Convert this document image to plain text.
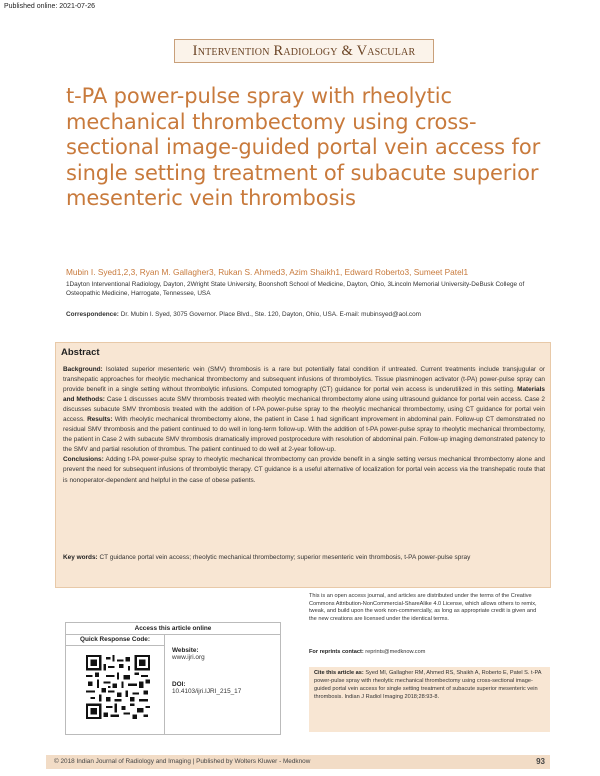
Published online: 2021-07-26
Intervention Radiology & Vascular
t-PA power-pulse spray with rheolytic mechanical thrombectomy using cross-sectional image-guided portal vein access for single setting treatment of subacute superior mesenteric vein thrombosis
Mubin I. Syed1,2,3, Ryan M. Gallagher3, Rukan S. Ahmed3, Azim Shaikh1, Edward Roberto3, Sumeet Patel1
1Dayton Interventional Radiology, Dayton, 2Wright State University, Boonshoft School of Medicine, Dayton, Ohio, 3Lincoln Memorial University-DeBusk College of Osteopathic Medicine, Harrogate, Tennessee, USA
Correspondence: Dr. Mubin I. Syed, 3075 Governor. Place Blvd., Ste. 120, Dayton, Ohio, USA. E-mail: mubinsyed@aol.com
Abstract
Background: Isolated superior mesenteric vein (SMV) thrombosis is a rare but potentially fatal condition if untreated. Current treatments include transjugular or transhepatic approaches for rheolytic mechanical thrombectomy and subsequent infusions of thrombolytics. Tissue plasminogen activator (t-PA) power-pulse spray can provide benefit in a single setting without thrombolytic infusions. Computed tomography (CT) guidance for portal vein access is underutilized in this setting. Materials and Methods: Case 1 discusses acute SMV thrombosis treated with rheolytic mechanical thrombectomy alone using ultrasound guidance for portal vein access. Case 2 discusses subacute SMV thrombosis treated with the addition of t-PA power-pulse spray to the rheolytic mechanical thrombectomy, using CT guidance for portal vein access. Results: With rheolytic mechanical thrombectomy alone, the patient in Case 1 had significant improvement in abdominal pain. Follow-up CT demonstrated no residual SMV thrombosis and the patient continued to do well in long-term follow-up. With the addition of t-PA power-pulse spray to rheolytic mechanical thrombectomy, the patient in Case 2 with subacute SMV thrombosis dramatically improved postprocedure with resolution of abdominal pain. Follow-up imaging demonstrated patency to the SMV and partial resolution of thrombus. The patient continued to do well at 2-year follow-up.
Conclusions: Adding t-PA power-pulse spray to rheolytic mechanical thrombectomy can provide benefit in a single setting versus mechanical thrombectomy alone and prevent the need for subsequent infusions of thrombolytic therapy. CT guidance is a useful alternative of localization for portal vein access via the transhepatic route that is nonoperator-dependent and helpful in the case of obese patients.
Key words: CT guidance portal vein access; rheolytic mechanical thrombectomy; superior mesenteric vein thrombosis, t-PA power-pulse spray
Access this article online
Quick Response Code:
Website:
www.ijri.org
DOI:
10.4103/ijri.IJRI_215_17
This is an open access journal, and articles are distributed under the terms of the Creative Commons Attribution-NonCommercial-ShareAlike 4.0 License, which allows others to remix, tweak, and build upon the work non-commercially, as long as appropriate credit is given and the new creations are licensed under the identical terms.
For reprints contact: reprints@medknow.com
Cite this article as: Syed MI, Gallagher RM, Ahmed RS, Shaikh A, Roberto E, Patel S. t-PA power-pulse spray with rheolytic mechanical thrombectomy using cross-sectional image-guided portal vein access for single setting treatment of subacute superior mesenteric vein thrombosis. Indian J Radiol Imaging 2018;28:93-8.
© 2018 Indian Journal of Radiology and Imaging | Published by Wolters Kluwer - Medknow	93
